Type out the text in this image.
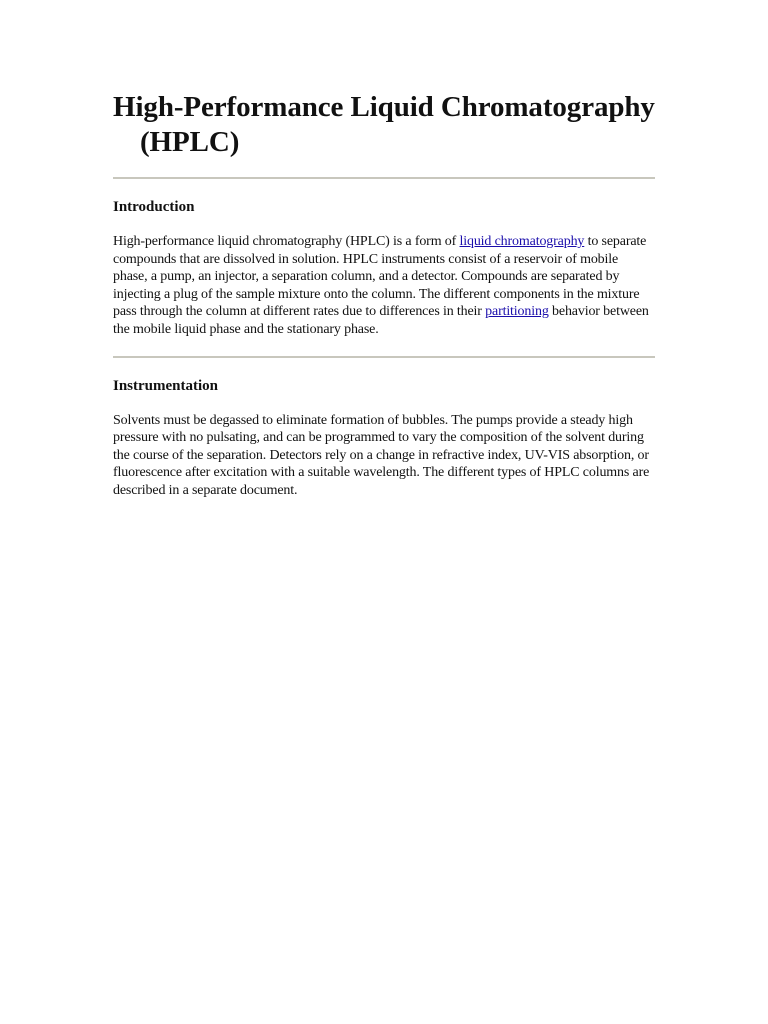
High-Performance Liquid Chromatography (HPLC)
Introduction

High-performance liquid chromatography (HPLC) is a form of liquid chromatography to separate compounds that are dissolved in solution. HPLC instruments consist of a reservoir of mobile phase, a pump, an injector, a separation column, and a detector. Compounds are separated by injecting a plug of the sample mixture onto the column. The different components in the mixture pass through the column at different rates due to differences in their partitioning behavior between the mobile liquid phase and the stationary phase.

Instrumentation

Solvents must be degassed to eliminate formation of bubbles. The pumps provide a steady high pressure with no pulsating, and can be programmed to vary the composition of the solvent during the course of the separation. Detectors rely on a change in refractive index, UV-VIS absorption, or fluorescence after excitation with a suitable wavelength. The different types of HPLC columns are described in a separate document.
